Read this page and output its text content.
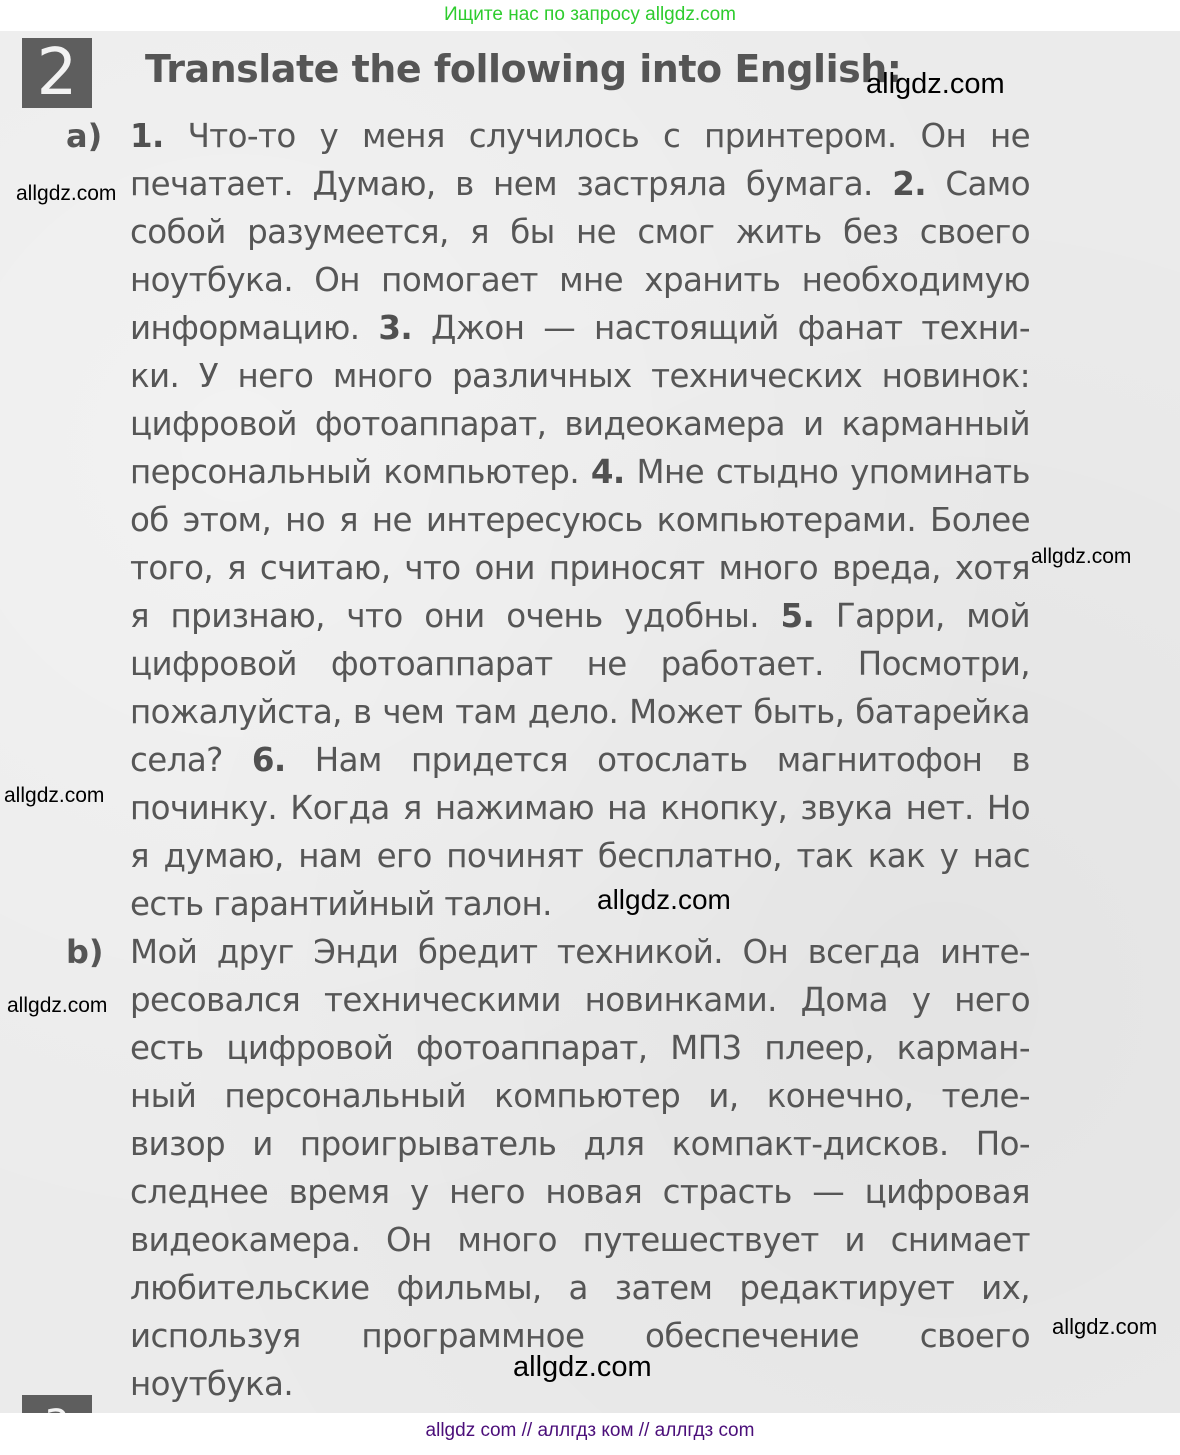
Ищите нас по запросу allgdz.com
2	Translate the following into English:
a) 1. Что-то у меня случилось с принтером. Он не
печатает. Думаю, в нем застряла бумага. 2. Само
собой разумеется, я бы не смог жить без своего
ноутбука. Он помогает мне хранить необходимую
информацию. 3. Джон — настоящий фанат техни-
ки. У него много различных технических новинок:
цифровой фотоаппарат, видеокамера и карманный
персональный компьютер. 4. Мне стыдно упоминать
об этом, но я не интересуюсь компьютерами. Более
того, я считаю, что они приносят много вреда, хотя
я признаю, что они очень удобны. 5. Гарри, мой
цифровой фотоаппарат не работает. Посмотри,
пожалуйста, в чем там дело. Может быть, батарейка
села? 6. Нам придется отослать магнитофон в
починку. Когда я нажимаю на кнопку, звука нет. Но
я думаю, нам его починят бесплатно, так как у нас
есть гарантийный талон.
b) Мой друг Энди бредит техникой. Он всегда инте-
ресовался техническими новинками. Дома у него
есть цифровой фотоаппарат, МП3 плеер, карман-
ный персональный компьютер и, конечно, теле-
визор и проигрыватель для компакт-дисков. По-
следнее время у него новая страсть — цифровая
видеокамера. Он много путешествует и снимает
любительские фильмы, а затем редактирует их,
используя программное обеспечение своего
ноутбука.
allgdz.com
allgdz.com
allgdz.com
allgdz.com
allgdz.com
allgdz.com
allgdz.com
allgdz.com
allgdz com // аллгдз ком // аллгдз com
